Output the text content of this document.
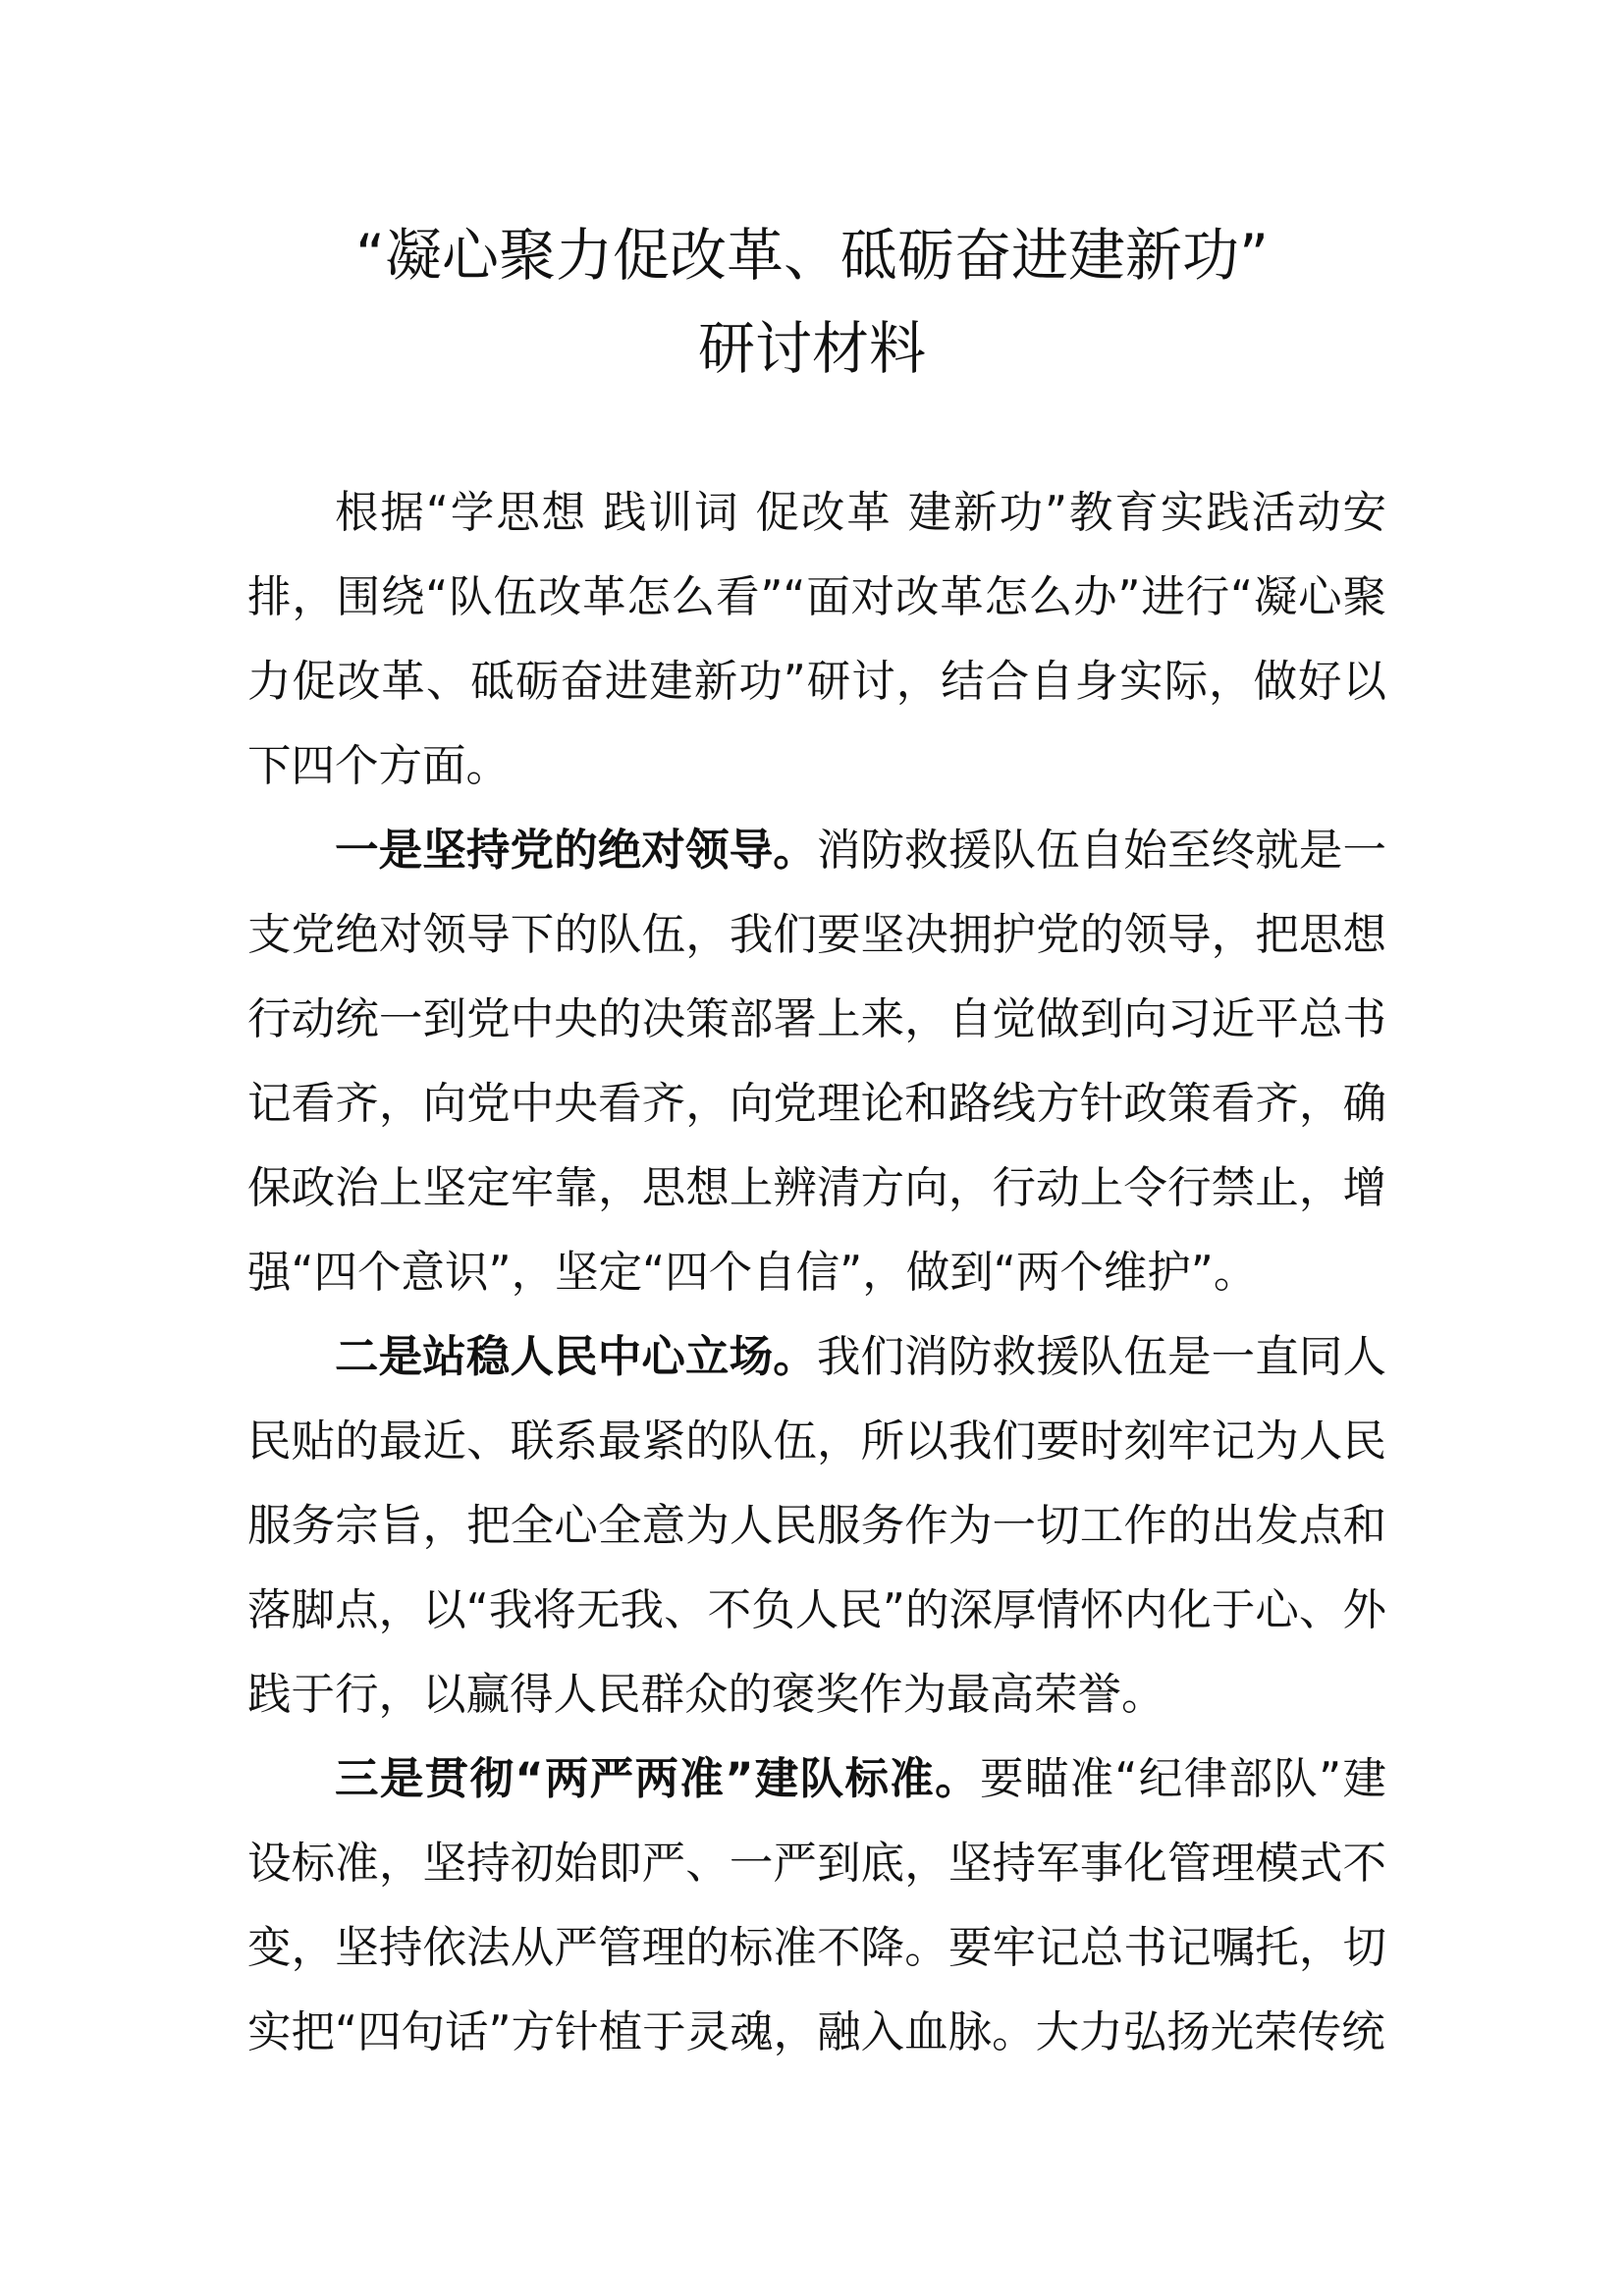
“凝心聚力促改革、砥砺奋进建新功”
研讨材料

根据“学思想 践训词 促改革 建新功”教育实践活动安排，围绕“队伍改革怎么看”“面对改革怎么办”进行“凝心聚力促改革、砥砺奋进建新功”研讨，结合自身实际，做好以下四个方面。

一是坚持党的绝对领导。消防救援队伍自始至终就是一支党绝对领导下的队伍，我们要坚决拥护党的领导，把思想行动统一到党中央的决策部署上来，自觉做到向习近平总书记看齐，向党中央看齐，向党理论和路线方针政策看齐，确保政治上坚定牢靠，思想上辨清方向，行动上令行禁止，增强“四个意识”，坚定“四个自信”，做到“两个维护”。

二是站稳人民中心立场。我们消防救援队伍是一直同人民贴的最近、联系最紧的队伍，所以我们要时刻牢记为人民服务宗旨，把全心全意为人民服务作为一切工作的出发点和落脚点，以“我将无我、不负人民”的深厚情怀内化于心、外践于行，以赢得人民群众的褒奖作为最高荣誉。

三是贯彻“两严两准”建队标准。要瞄准“纪律部队”建设标准，坚持初始即严、一严到底，坚持军事化管理模式不变，坚持依法从严管理的标准不降。要牢记总书记嘱托，切实把“四句话”方针植于灵魂，融入血脉。大力弘扬光荣传统
